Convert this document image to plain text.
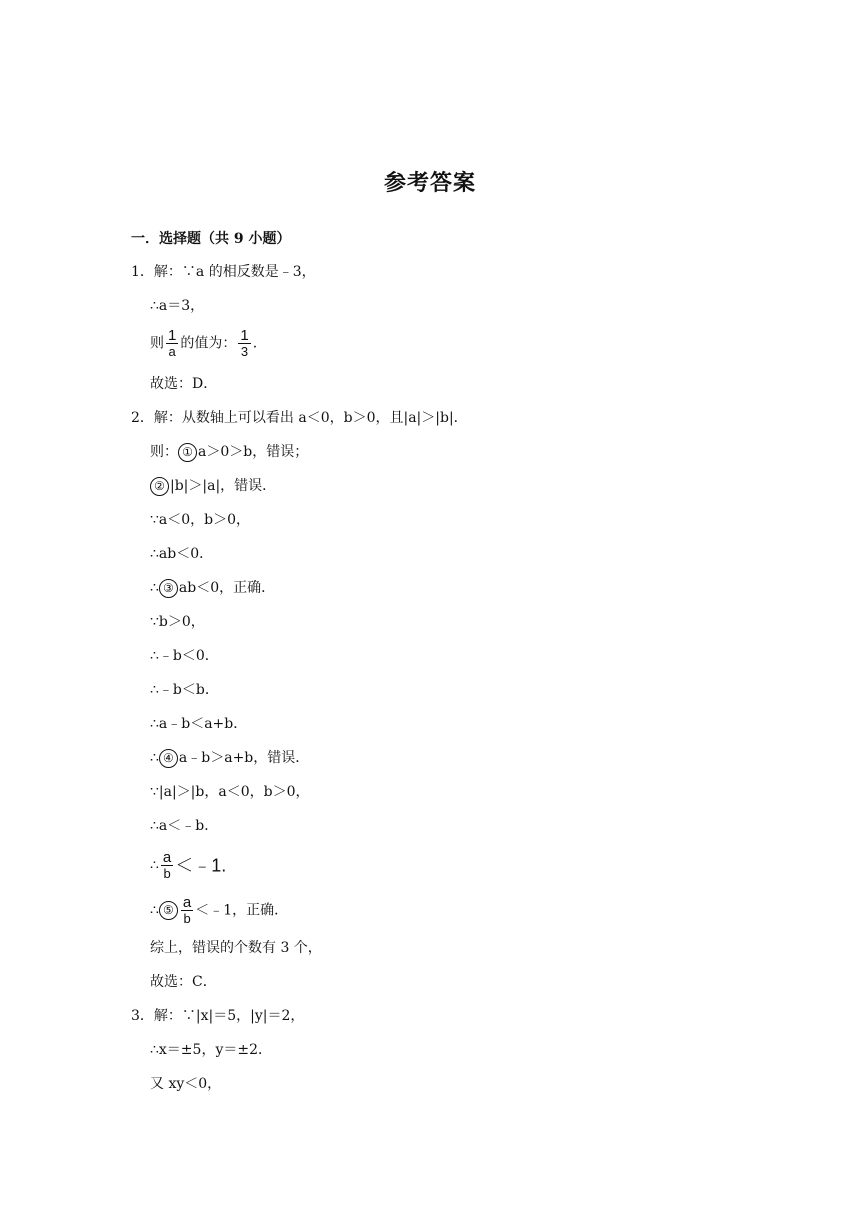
参考答案
一．选择题（共 9 小题）
1．解：∵a 的相反数是﹣3，
∴a＝3，
则 $\frac{1}{a}$ 的值为： $\frac{1}{3}$ .
故选：D．
2．解：从数轴上可以看出 a＜0，b＞0，且|a|＞|b|．
则： ① a＞0＞b，错误；
② |b|＞|a|，错误．
∵a＜0，b＞0，
∴ab＜0．
∴ ③ ab＜0，正确．
∵b＞0，
∴﹣b＜0．
∴﹣b＜b．
∴a﹣b＜a+b．
∴ ④ a﹣b＞a+b，错误．
∵|a|＞|b，a＜0，b＞0，
∴a＜﹣b．
∴ $\frac{a}{b}$ ＜﹣1.
∴ ⑤ $\frac{a}{b}$ ＜﹣1，正确．
综上，错误的个数有 3 个，
故选：C．
3．解：∵|x|＝5，|y|＝2，
∴x＝±5，y＝±2．
又 xy＜0，
